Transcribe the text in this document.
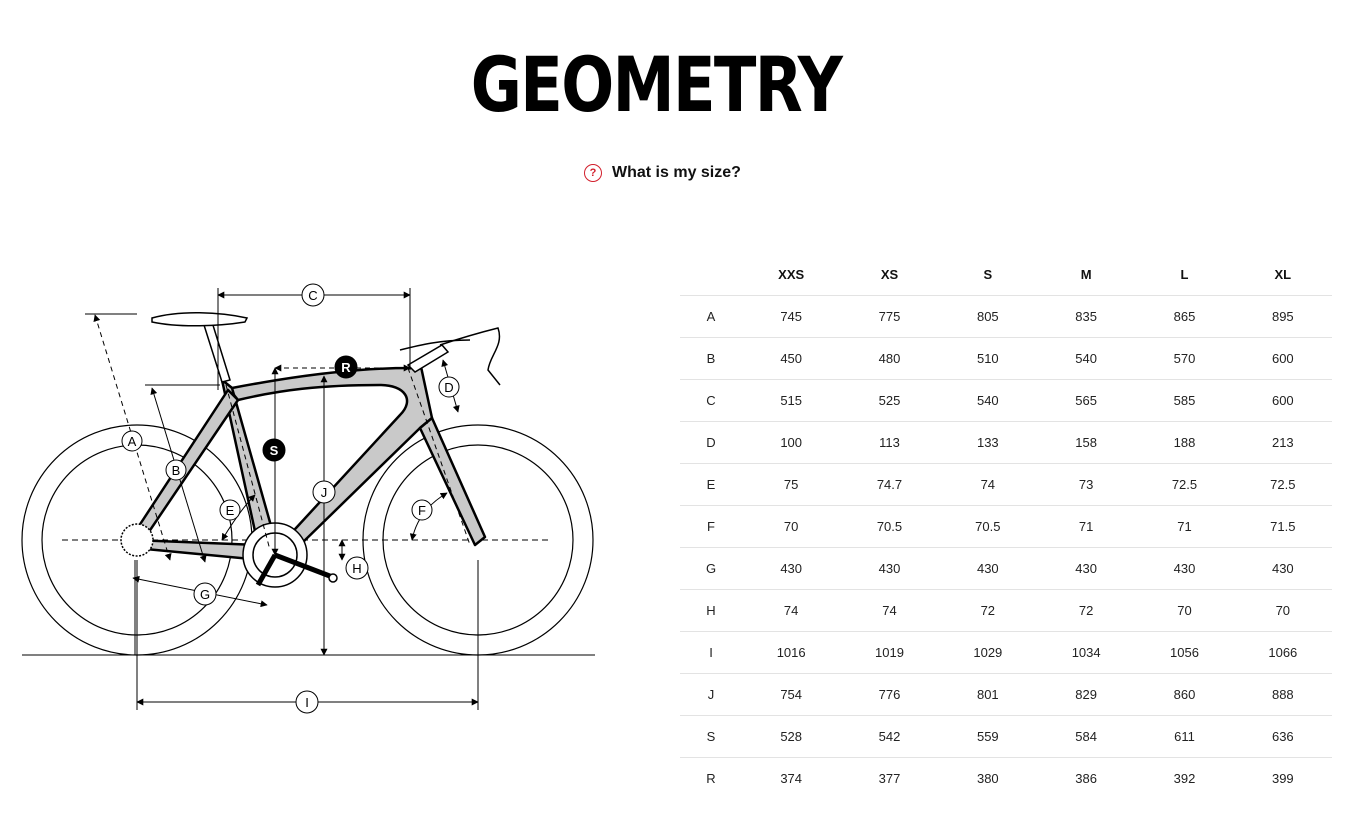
GEOMETRY
? What is my size?
A
B
C
D
E	F
G
H
I
J
S
R
	XXS	XS	S	M	L	XL
A	745	775	805	835	865	895
B	450	480	510	540	570	600
C	515	525	540	565	585	600
D	100	113	133	158	188	213
E	75	74.7	74	73	72.5	72.5
F	70	70.5	70.5	71	71	71.5
G	430	430	430	430	430	430
H	74	74	72	72	70	70
I	1016	1019	1029	1034	1056	1066
J	754	776	801	829	860	888
S	528	542	559	584	611	636
R	374	377	380	386	392	399
